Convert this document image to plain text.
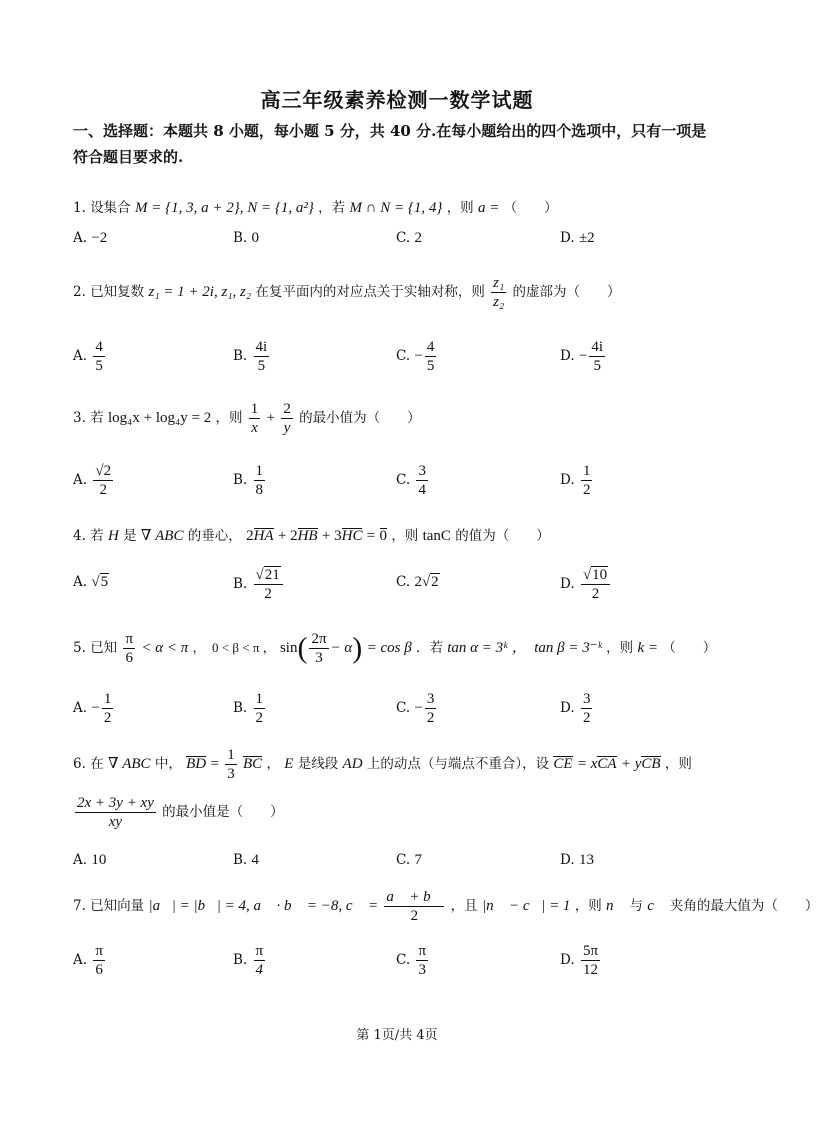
高三年级素养检测一数学试题
一、选择题：本题共 8 小题，每小题 5 分，共 40 分.在每小题给出的四个选项中，只有一项是
符合题目要求的.
1. 设集合 M = {1, 3, a + 2}, N = {1, a²} ，若 M ∩ N = {1, 4} ，则 a = （　　）
A. −2	B. 0	C. 2	D. ±2
2. 已知复数 z₁ = 1 + 2i, z₁, z₂ 在复平面内的对应点关于实轴对称，则 $\frac{\text{z₁}}{\text{z₂}}$ 的虚部为（　　）
A. $\frac{4}{5}$	B. $\frac{4i}{5}$	C. − $\frac{4}{5}$	D. − $\frac{4i}{5}$
3. 若 log₄x + log₄y = 2 ，则 $\frac{1}{x} + \frac{2}{y}$ 的最小值为（　　）
A. $\frac{√2}{2}$	B. $\frac{1}{8}$	C. $\frac{3}{4}$	D. $\frac{1}{2}$
4. 若 H 是 ∇ ABC 的垂心， 2HA + 2HB + 3HC = 0 ，则 tanC 的值为（　　）
A. √5	B. $\frac{√21}{2}$	C. 2√2	D. $\frac{√10}{2}$
5. 已知 $\frac{\pi}{6} < \alpha < \pi$ ，　0 < β < π ， $\sin( \frac{2\pi}{3} - \alpha) = \cos \beta$ ．若 tan α = 3ᵏ ，　tan β = 3⁻ᵏ ，则 k = （　　）
A. − $\frac{1}{2}$	B. $\frac{1}{2}$	C. − $\frac{3}{2}$	D. $\frac{3}{2}$
6. 在 ∇ ABC 中， BD = $\frac{1}{3}$ BC ， E 是线段 AD 上的动点（与端点不重合），设 CE = xCA + yCB ，则
$\frac{2x + 3y + xy}{xy}$ 的最小值是（　　）
A. 10	B. 4	C. 7	D. 13
7. 已知向量 |a⃗| = |b⃗| = 4, a⃗ · b⃗ = −8, c⃗ = $\frac{a⃗ + b⃗}{2}$ ，且 |n⃗ − c⃗| = 1 ，则 n⃗ 与 c⃗ 夹角的最大值为（　　）
A. $\frac{\pi}{6}$	B. $\frac{\pi}{4}$	C. $\frac{\pi}{3}$	D. $\frac{5\pi}{12}$
第 1页/共 4页
